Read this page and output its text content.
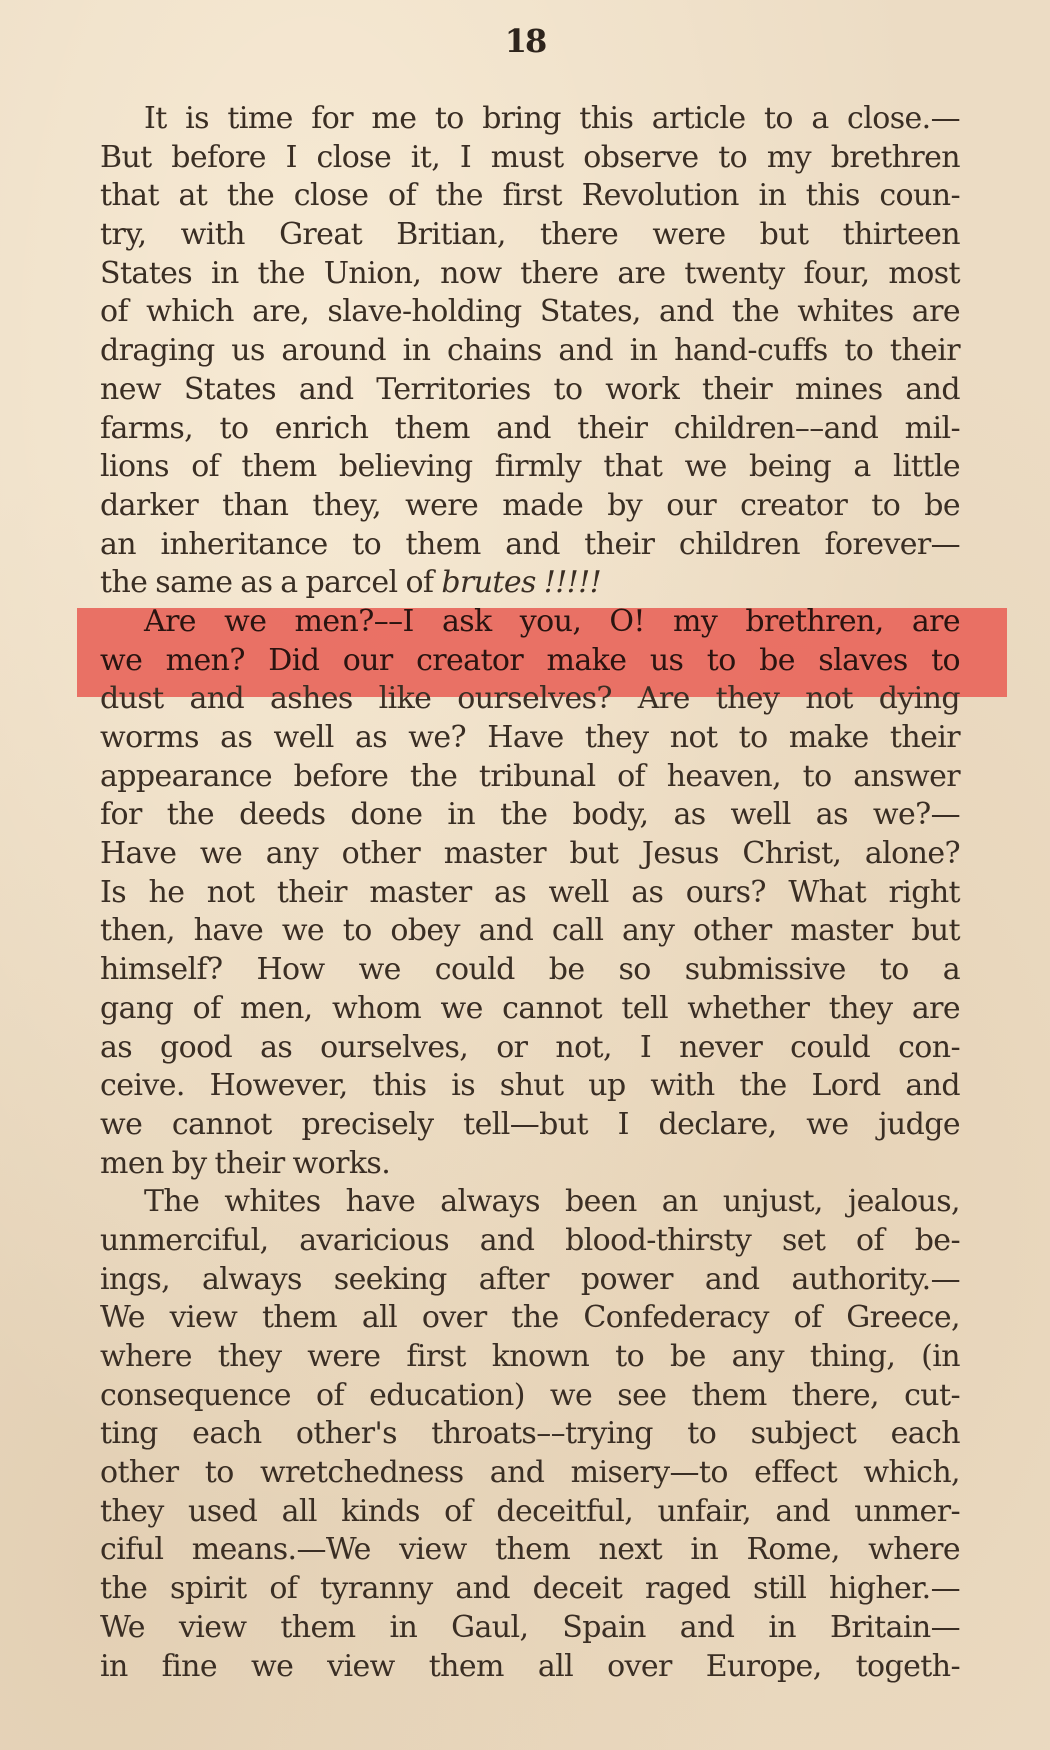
18
It is time for me to bring this article to a close.—
But before I close it, I must observe to my brethren
that at the close of the first Revolution in this coun-
try, with Great Britian, there were but thirteen
States in the Union, now there are twenty four, most
of which are, slave-holding States, and the whites are
draging us around in chains and in hand-cuffs to their
new States and Territories to work their mines and
farms, to enrich them and their children––and mil-
lions of them believing firmly that we being a little
darker than they, were made by our creator to be
an inheritance to them and their children forever—
the same as a parcel of brutes !!!!!
Are we men?––I ask you, O! my brethren, are
we men? Did our creator make us to be slaves to
dust and ashes like ourselves? Are they not dying
worms as well as we? Have they not to make their
appearance before the tribunal of heaven, to answer
for the deeds done in the body, as well as we?—
Have we any other master but Jesus Christ, alone?
Is he not their master as well as ours? What right
then, have we to obey and call any other master but
himself? How we could be so submissive to a
gang of men, whom we cannot tell whether they are
as good as ourselves, or not, I never could con-
ceive. However, this is shut up with the Lord and
we cannot precisely tell—but I declare, we judge
men by their works.
The whites have always been an unjust, jealous,
unmerciful, avaricious and blood-thirsty set of be-
ings, always seeking after power and authority.—
We view them all over the Confederacy of Greece,
where they were first known to be any thing, (in
consequence of education) we see them there, cut-
ting each other's throats––trying to subject each
other to wretchedness and misery—to effect which,
they used all kinds of deceitful, unfair, and unmer-
ciful means.—We view them next in Rome, where
the spirit of tyranny and deceit raged still higher.—
We view them in Gaul, Spain and in Britain—
in fine we view them all over Europe, togeth-
